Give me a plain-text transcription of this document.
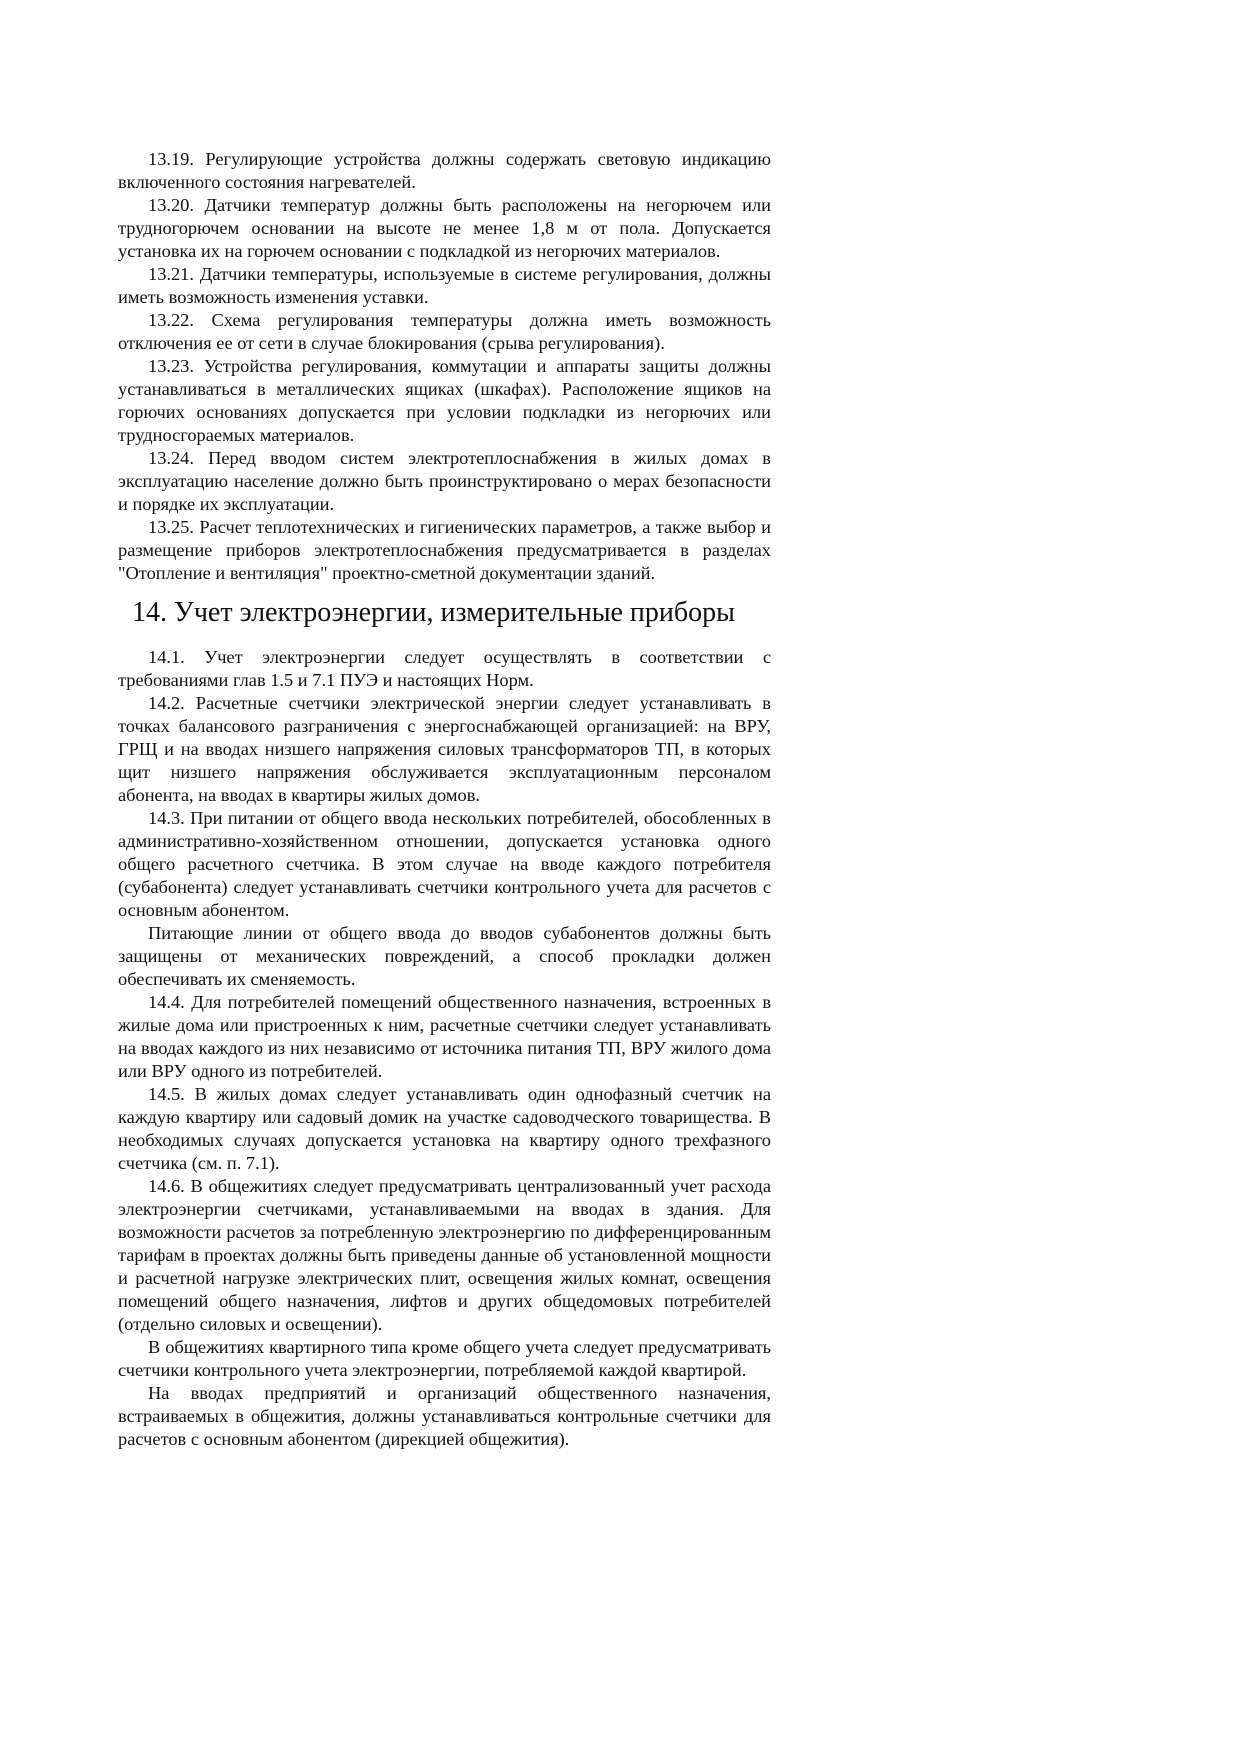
13.19. Регулирующие устройства должны содержать световую индикацию включенного состояния нагревателей.

13.20. Датчики температур должны быть расположены на негорючем или трудногорючем основании на высоте не менее 1,8 м от пола. Допускается установка их на горючем основании с подкладкой из негорючих материалов.

13.21. Датчики температуры, используемые в системе регулирования, должны иметь возможность изменения уставки.

13.22. Схема регулирования температуры должна иметь возможность отключения ее от сети в случае блокирования (срыва регулирования).

13.23. Устройства регулирования, коммутации и аппараты защиты должны устанавливаться в металлических ящиках (шкафах). Расположение ящиков на горючих основаниях допускается при условии подкладки из негорючих или трудносгораемых материалов.

13.24. Перед вводом систем электротеплоснабжения в жилых домах в эксплуатацию население должно быть проинструктировано о мерах безопасности и порядке их эксплуатации.

13.25. Расчет теплотехнических и гигиенических параметров, а также выбор и размещение приборов электротеплоснабжения предусматривается в разделах "Отопление и вентиляция" проектно-сметной документации зданий.

14. Учет электроэнергии, измерительные приборы

14.1. Учет электроэнергии следует осуществлять в соответствии с требованиями глав 1.5 и 7.1 ПУЭ и настоящих Норм.

14.2. Расчетные счетчики электрической энергии следует устанавливать в точках балансового разграничения с энергоснабжающей организацией: на ВРУ, ГРЩ и на вводах низшего напряжения силовых трансформаторов ТП, в которых щит низшего напряжения обслуживается эксплуатационным персоналом абонента, на вводах в квартиры жилых домов.

14.3. При питании от общего ввода нескольких потребителей, обособленных в административно-хозяйственном отношении, допускается установка одного общего расчетного счетчика. В этом случае на вводе каждого потребителя (субабонента) следует устанавливать счетчики контрольного учета для расчетов с основным абонентом.

Питающие линии от общего ввода до вводов субабонентов должны быть защищены от механических повреждений, а способ прокладки должен обеспечивать их сменяемость.

14.4. Для потребителей помещений общественного назначения, встроенных в жилые дома или пристроенных к ним, расчетные счетчики следует устанавливать на вводах каждого из них независимо от источника питания ТП, ВРУ жилого дома или ВРУ одного из потребителей.

14.5. В жилых домах следует устанавливать один однофазный счетчик на каждую квартиру или садовый домик на участке садоводческого товарищества. В необходимых случаях допускается установка на квартиру одного трехфазного счетчика (см. п. 7.1).

14.6. В общежитиях следует предусматривать централизованный учет расхода электроэнергии счетчиками, устанавливаемыми на вводах в здания. Для возможности расчетов за потребленную электроэнергию по дифференцированным тарифам в проектах должны быть приведены данные об установленной мощности и расчетной нагрузке электрических плит, освещения жилых комнат, освещения помещений общего назначения, лифтов и других общедомовых потребителей (отдельно силовых и освещении).

В общежитиях квартирного типа кроме общего учета следует предусматривать счетчики контрольного учета электроэнергии, потребляемой каждой квартирой.

На вводах предприятий и организаций общественного назначения, встраиваемых в общежития, должны устанавливаться контрольные счетчики для расчетов с основным абонентом (дирекцией общежития).
